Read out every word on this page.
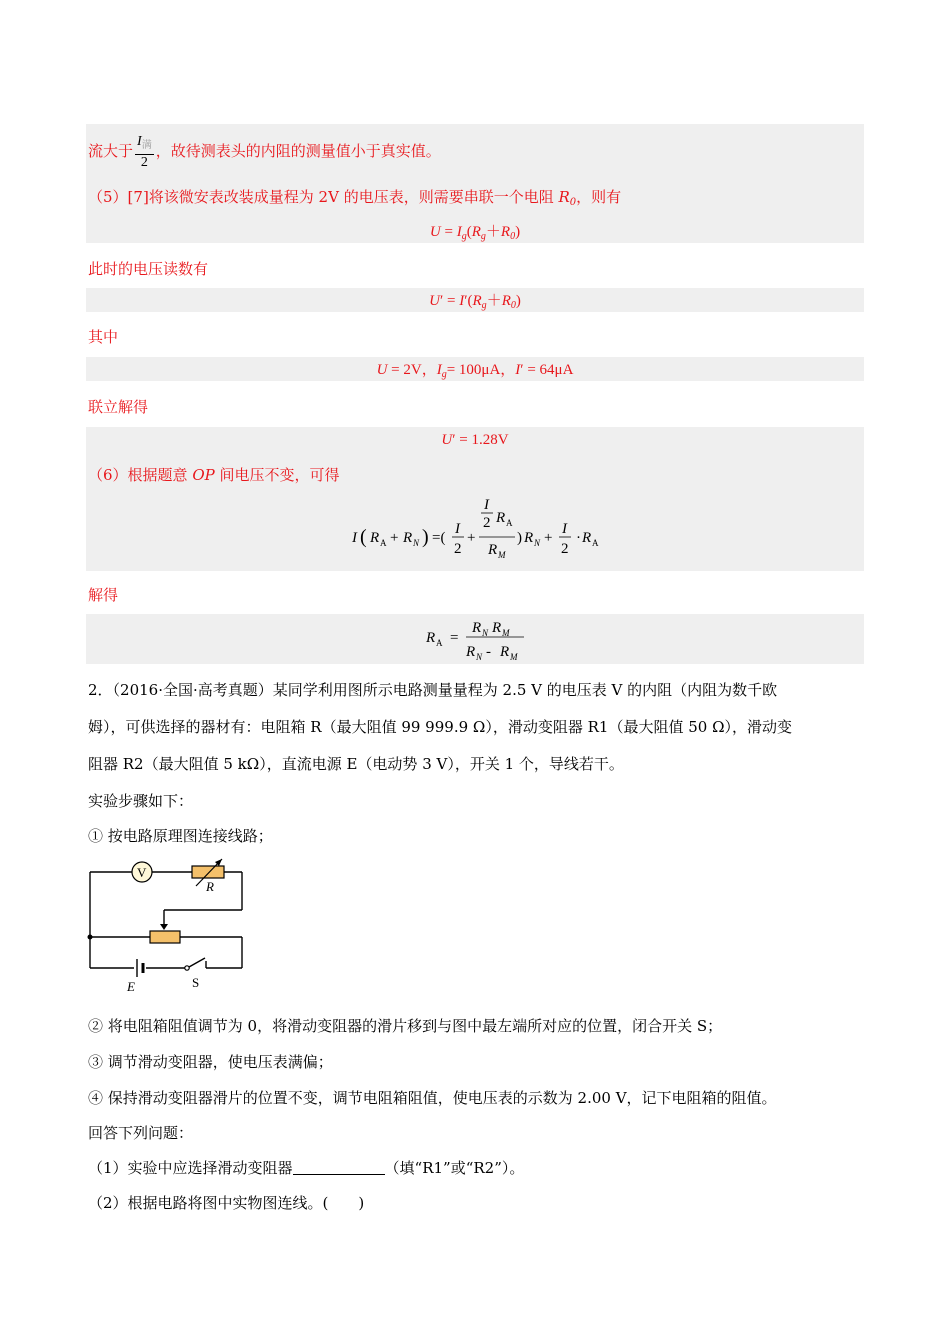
流大于 $\frac{I_满}{2}$ ，故待测表头的内阻的测量值小于真实值。
（5）[7]将该微安表改装成量程为 2V 的电压表，则需要串联一个电阻 $R_0$，则有
$U = I_g(R_g+R_0)$
此时的电压读数有
$U' = I'(R_g+R_0)$
其中
U = 2V，$I_g= 100\mu A$，I′ = 64μA
联立解得
U′ = 1.28V
（6）根据题意 OP 间电压不变，可得
I ( R A + R N ) =(
I
2
+
I
2 R A
R M
) R N +
I
2
· R A
解得
R A =
R N R M
R N - R M
2．（2016·全国·高考真题）某同学利用图所示电路测量量程为 2.5 V 的电压表 V 的内阻（内阻为数千欧
姆），可供选择的器材有：电阻箱 R（最大阻值 99 999.9 Ω），滑动变阻器 R1（最大阻值 50 Ω），滑动变
阻器 R2（最大阻值 5 kΩ），直流电源 E（电动势 3 V），开关 1 个，导线若干。
实验步骤如下：
① 按电路原理图连接线路；
V
R
E	S
② 将电阻箱阻值调节为 0，将滑动变阻器的滑片移到与图中最左端所对应的位置，闭合开关 S；
③ 调节滑动变阻器，使电压表满偏；
④ 保持滑动变阻器滑片的位置不变，调节电阻箱阻值，使电压表的示数为 2.00 V，记下电阻箱的阻值。
回答下列问题：
（1）实验中应选择滑动变阻器	（填“R1”或“R2”）。
（2）根据电路将图中实物图连线。(　　)
